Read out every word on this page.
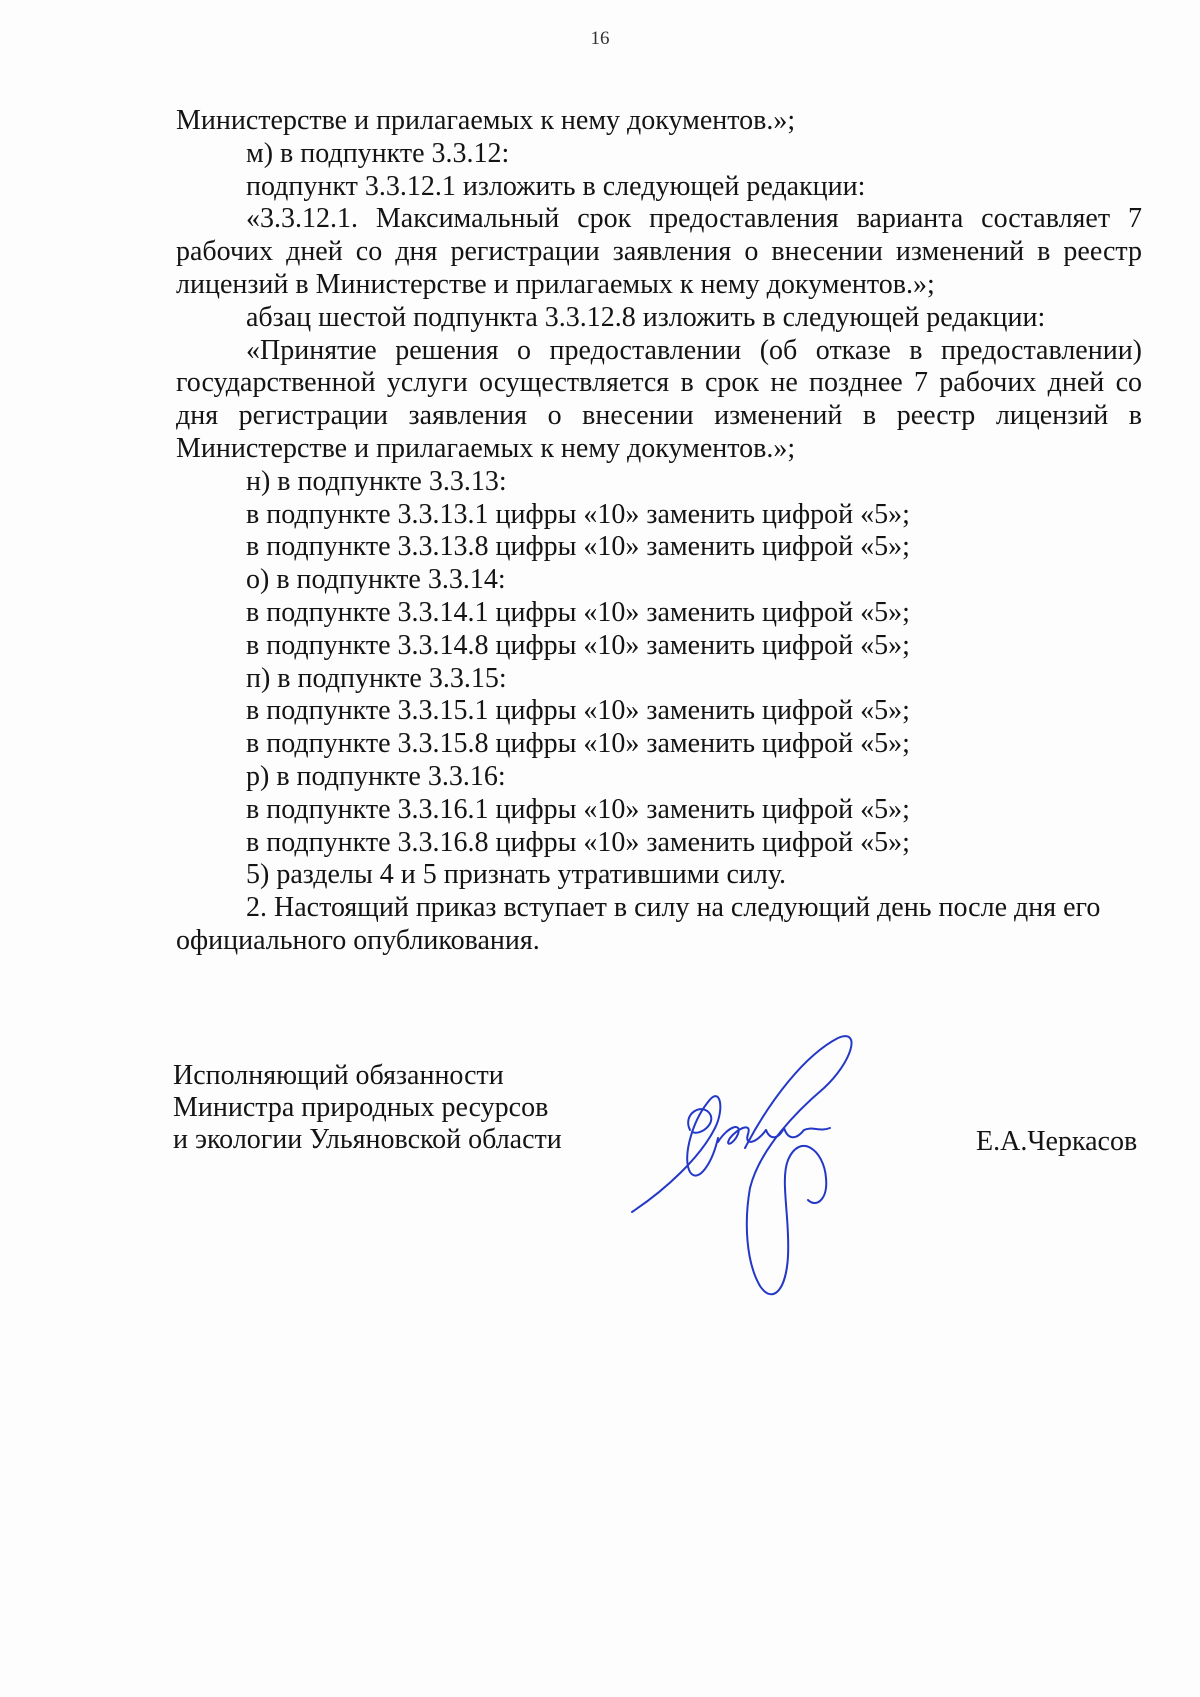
16

Министерстве и прилагаемых к нему документов.»;

м) в подпункте 3.3.12:

подпункт 3.3.12.1 изложить в следующей редакции:

«3.3.12.1. Максимальный срок предоставления варианта составляет 7 рабочих дней со дня регистрации заявления о внесении изменений в реестр лицензий в Министерстве и прилагаемых к нему документов.»;

абзац шестой подпункта 3.3.12.8 изложить в следующей редакции:

«Принятие решения о предоставлении (об отказе в предоставлении) государственной услуги осуществляется в срок не позднее 7 рабочих дней со дня регистрации заявления о внесении изменений в реестр лицензий в Министерстве и прилагаемых к нему документов.»;

н) в подпункте 3.3.13:

в подпункте 3.3.13.1 цифры «10» заменить цифрой «5»;

в подпункте 3.3.13.8 цифры «10» заменить цифрой «5»;

о) в подпункте 3.3.14:

в подпункте 3.3.14.1 цифры «10» заменить цифрой «5»;

в подпункте 3.3.14.8 цифры «10» заменить цифрой «5»;

п) в подпункте 3.3.15:

в подпункте 3.3.15.1 цифры «10» заменить цифрой «5»;

в подпункте 3.3.15.8 цифры «10» заменить цифрой «5»;

р) в подпункте 3.3.16:

в подпункте 3.3.16.1 цифры «10» заменить цифрой «5»;

в подпункте 3.3.16.8 цифры «10» заменить цифрой «5»;

5) разделы 4 и 5 признать утратившими силу.

2. Настоящий приказ вступает в силу на следующий день после дня его официального опубликования.

Исполняющий обязанности

Министра природных ресурсов

и экологии Ульяновской области	Е.А.Черкасов
